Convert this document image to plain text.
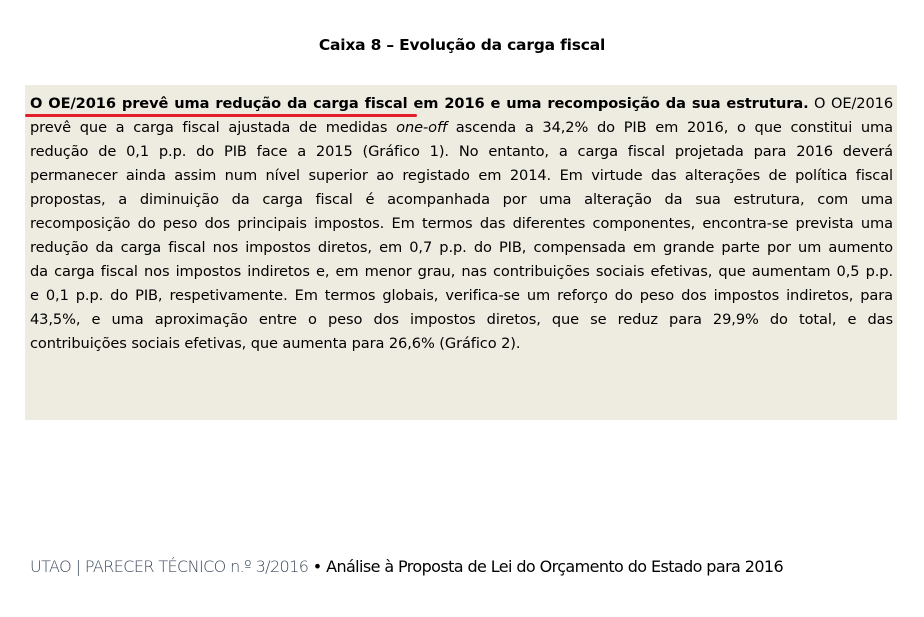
Caixa 8 – Evolução da carga fiscal
O OE/2016 prevê uma redução da carga fiscal em 2016 e uma recomposição da sua estrutura. O OE/2016
prevê que a carga fiscal ajustada de medidas one-off ascenda a 34,2% do PIB em 2016, o que constitui uma
redução de 0,1 p.p. do PIB face a 2015 (Gráfico 1). No entanto, a carga fiscal projetada para 2016 deverá
permanecer ainda assim num nível superior ao registado em 2014. Em virtude das alterações de política fiscal
propostas, a diminuição da carga fiscal é acompanhada por uma alteração da sua estrutura, com uma
recomposição do peso dos principais impostos. Em termos das diferentes componentes, encontra-se prevista uma
redução da carga fiscal nos impostos diretos, em 0,7 p.p. do PIB, compensada em grande parte por um aumento
da carga fiscal nos impostos indiretos e, em menor grau, nas contribuições sociais efetivas, que aumentam 0,5 p.p.
e 0,1 p.p. do PIB, respetivamente. Em termos globais, verifica-se um reforço do peso dos impostos indiretos, para
43,5%, e uma aproximação entre o peso dos impostos diretos, que se reduz para 29,9% do total, e das
contribuições sociais efetivas, que aumenta para 26,6% (Gráfico 2).
UTAO | PARECER TÉCNICO n.º 3/2016 • Análise à Proposta de Lei do Orçamento do Estado para 2016
